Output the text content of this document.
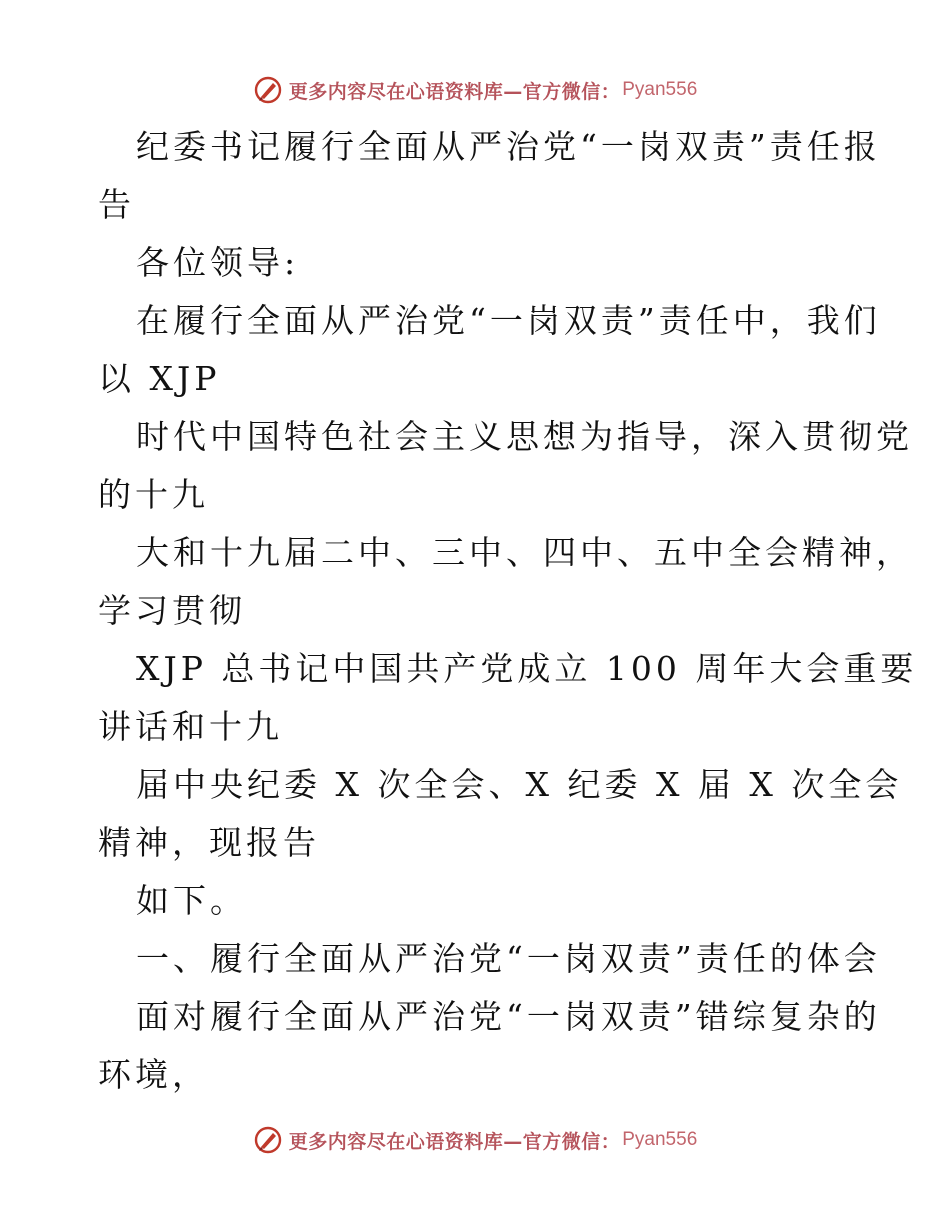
更多内容尽在心语资料库—官方微信： Pyan556
纪委书记履行全面从严治党“一岗双责”责任报
告
各位领导:
在履行全面从严治党“一岗双责”责任中，我们
以 XJP
时代中国特色社会主义思想为指导，深入贯彻党
的十九
大和十九届二中、三中、四中、五中全会精神，
学习贯彻
XJP 总书记中国共产党成立 100 周年大会重要
讲话和十九
届中央纪委 X 次全会、X 纪委 X 届 X 次全会
精神，现报告
如下。
一、履行全面从严治党“一岗双责”责任的体会
面对履行全面从严治党“一岗双责”错综复杂的
环境，
更多内容尽在心语资料库—官方微信： Pyan556
